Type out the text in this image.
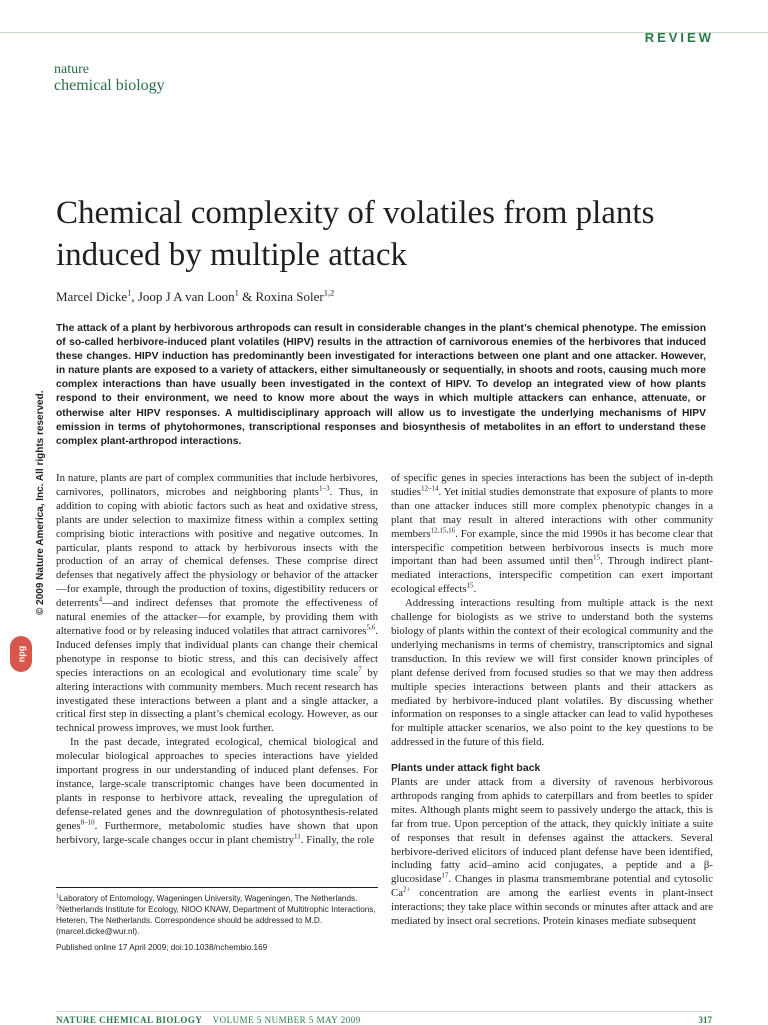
REVIEW
nature
chemical biology
Chemical complexity of volatiles from plants induced by multiple attack
Marcel Dicke$^1$, Joop J A van Loon$^1$ & Roxina Soler$^{1,2}$
The attack of a plant by herbivorous arthropods can result in considerable changes in the plant’s chemical phenotype. The emission of so-called herbivore-induced plant volatiles (HIPV) results in the attraction of carnivorous enemies of the herbivores that induced these changes. HIPV induction has predominantly been investigated for interactions between one plant and one attacker. However, in nature plants are exposed to a variety of attackers, either simultaneously or sequentially, in shoots and roots, causing much more complex interactions than have usually been investigated in the context of HIPV. To develop an integrated view of how plants respond to their environment, we need to know more about the ways in which multiple attackers can enhance, attenuate, or otherwise alter HIPV responses. A multidisciplinary approach will allow us to investigate the underlying mechanisms of HIPV emission in terms of phytohormones, transcriptional responses and biosynthesis of metabolites in an effort to understand these complex plant-arthropod interactions.
© 2009 Nature America, Inc. All rights reserved.
npg

In nature, plants are part of complex communities that include herbivores, carnivores, pollinators, microbes and neighboring plants$^{1-3}$. Thus, in addition to coping with abiotic factors such as heat and oxidative stress, plants are under selection to maximize fitness within a complex setting comprising biotic interactions with positive and negative outcomes. In particular, plants respond to attack by herbivorous insects with the production of an array of chemical defenses. These comprise direct defenses that negatively affect the physiology or behavior of the attacker—for example, through the production of toxins, digestibility reducers or deterrents$^4$—and indirect defenses that promote the effectiveness of natural enemies of the attacker—for example, by providing them with alternative food or by releasing induced volatiles that attract carnivores$^{5,6}$. Induced defenses imply that individual plants can change their chemical phenotype in response to biotic stress, and this can decisively affect species interactions on an ecological and evolutionary time scale$^7$ by altering interactions with community members. Much recent research has investigated these interactions between a plant and a single attacker, a critical first step in dissecting a plant’s chemical ecology. However, as our technical prowess improves, we must look further.

In the past decade, integrated ecological, chemical biological and molecular biological approaches to species interactions have yielded important progress in our understanding of induced plant defenses. For instance, large-scale transcriptomic changes have been documented in plants in response to herbivore attack, revealing the upregulation of defense-related genes and the downregulation of photosynthesis-related genes$^{8-10}$. Furthermore, metabolomic studies have shown that upon herbivory, large-scale changes occur in plant chemistry$^{11}$. Finally, the role

$^1$Laboratory of Entomology, Wageningen University, Wageningen, The Netherlands. $^2$Netherlands Institute for Ecology, NIOO KNAW, Department of Multitrophic Interactions, Heteren, The Netherlands. Correspondence should be addressed to M.D. (marcel.dicke@wur.nl).
Published online 17 April 2009; doi:10.1038/nchembio.169

of specific genes in species interactions has been the subject of in-depth studies$^{12-14}$. Yet initial studies demonstrate that exposure of plants to more than one attacker induces still more complex phenotypic changes in a plant that may result in altered interactions with other community members$^{12,15,16}$. For example, since the mid 1990s it has become clear that interspecific competition between herbivorous insects is much more important than had been assumed until then$^{15}$. Through indirect plant-mediated interactions, interspecific competition can exert important ecological effects$^{15}$.

Addressing interactions resulting from multiple attack is the next challenge for biologists as we strive to understand both the systems biology of plants within the context of their ecological community and the underlying mechanisms in terms of chemistry, transcriptomics and signal transduction. In this review we will first consider known principles of plant defense derived from focused studies so that we may then address multiple species interactions between plants and their attackers as mediated by herbivore-induced plant volatiles. By discussing whether information on responses to a single attacker can lead to valid hypotheses for multiple attacker scenarios, we also point to the key questions to be addressed in the future of this field.

Plants under attack fight back

Plants are under attack from a diversity of ravenous herbivorous arthropods ranging from aphids to caterpillars and from beetles to spider mites. Although plants might seem to passively undergo the attack, this is far from true. Upon perception of the attack, they quickly initiate a suite of responses that result in defenses against the attackers. Several herbivore-derived elicitors of induced plant defense have been identified, including fatty acid–amino acid conjugates, a peptide and a β-glucosidase$^{17}$. Changes in plasma transmembrane potential and cytosolic $Ca^{2+}$ concentration are among the earliest events in plant-insect interactions; they take place within seconds or minutes after attack and are mediated by insect oral secretions. Protein kinases mediate subsequent

NATURE CHEMICAL BIOLOGY VOLUME 5 NUMBER 5 MAY 2009	317
